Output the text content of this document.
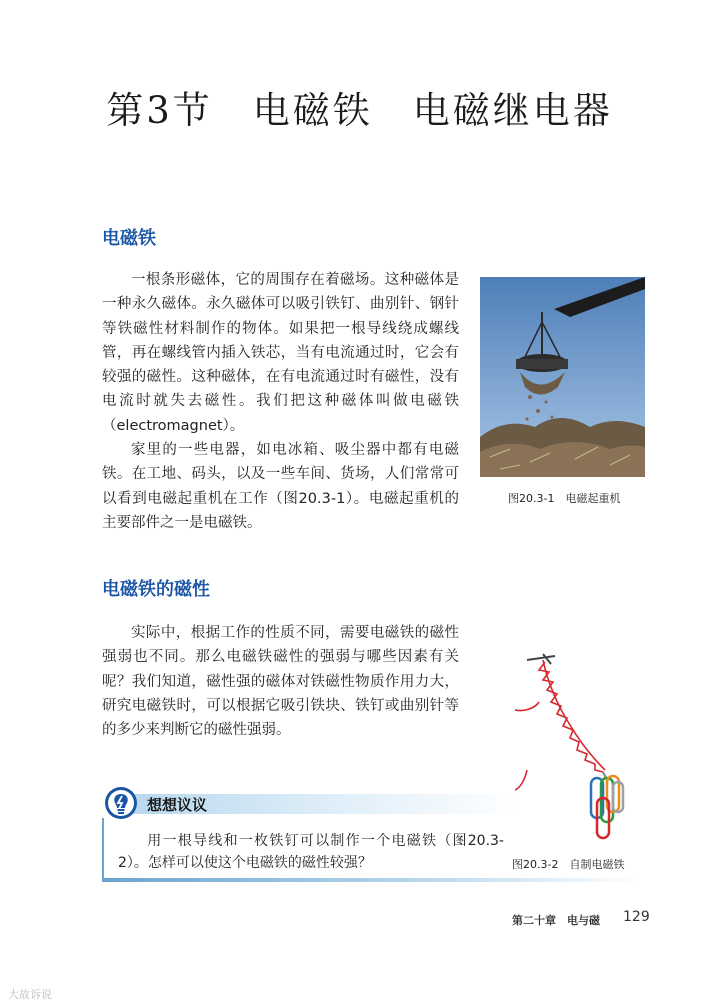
第3节　电磁铁　电磁继电器
电磁铁

一根条形磁体，它的周围存在着磁场。这种磁体是一种永久磁体。永久磁体可以吸引铁钉、曲别针、钢针等铁磁性材料制作的物体。如果把一根导线绕成螺线管，再在螺线管内插入铁芯，当有电流通过时，它会有较强的磁性。这种磁体，在有电流通过时有磁性，没有电流时就失去磁性。我们把这种磁体叫做电磁铁（electromagnet）。

家里的一些电器，如电冰箱、吸尘器中都有电磁铁。在工地、码头，以及一些车间、货场，人们常常可以看到电磁起重机在工作（图20.3-1）。电磁起重机的主要部件之一是电磁铁。

图20.3-1　电磁起重机
电磁铁的磁性

实际中，根据工作的性质不同，需要电磁铁的磁性强弱也不同。那么电磁铁磁性的强弱与哪些因素有关呢？我们知道，磁性强的磁体对铁磁性物质作用力大，研究电磁铁时，可以根据它吸引铁块、铁钉或曲别针等的多少来判断它的磁性强弱。

图20.3-2　自制电磁铁
想想议议
用一根导线和一枚铁钉可以制作一个电磁铁（图20.3-2）。怎样可以使这个电磁铁的磁性较强？
第二十章　电与磁 129
大故诉说
